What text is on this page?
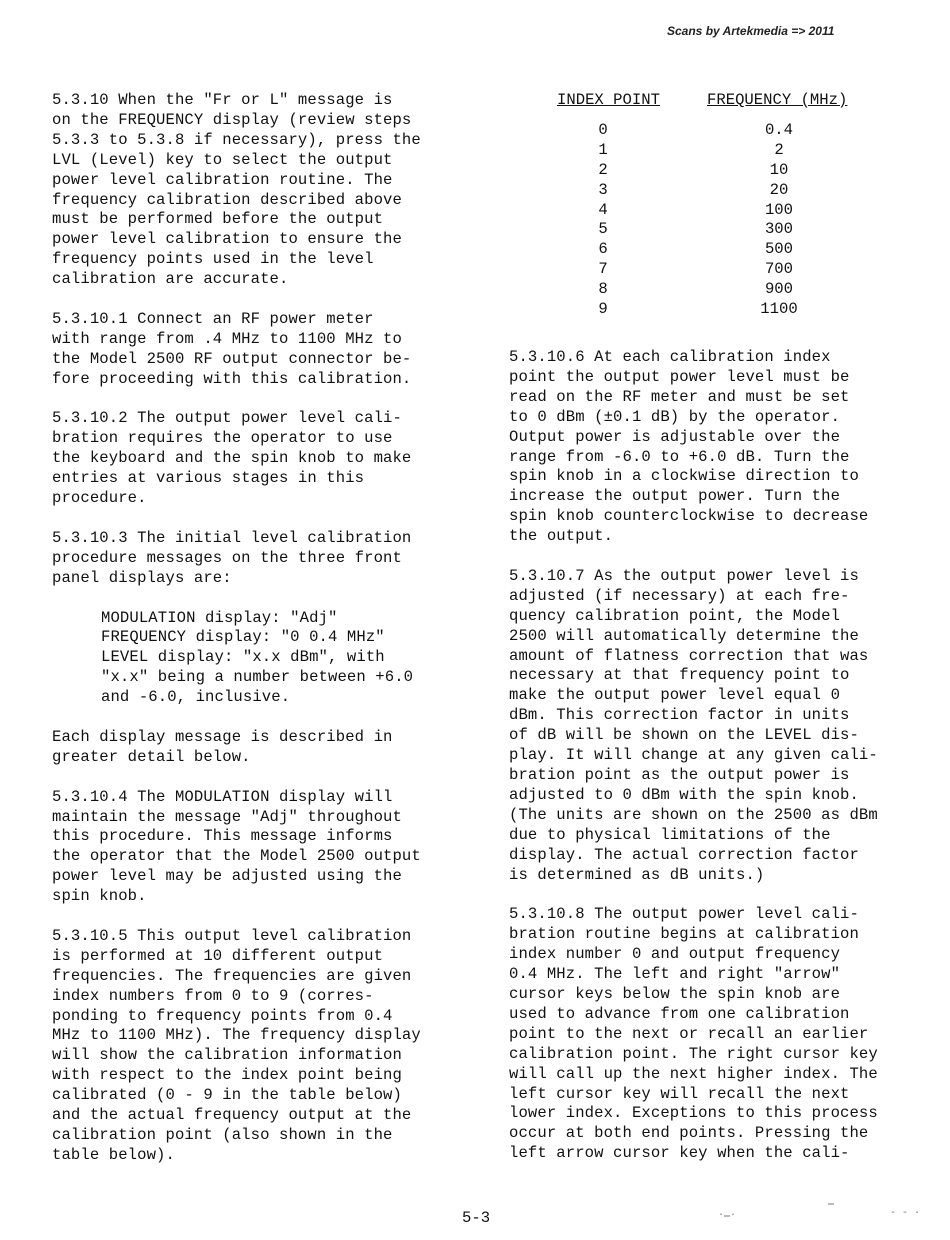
Scans by Artekmedia => 2011

5.3.10 When the "Fr or L" message is
on the FREQUENCY display (review steps
5.3.3 to 5.3.8 if necessary), press the
LVL (Level) key to select the output
power level calibration routine. The
frequency calibration described above
must be performed before the output
power level calibration to ensure the
frequency points used in the level
calibration are accurate.

5.3.10.1 Connect an RF power meter
with range from .4 MHz to 1100 MHz to
the Model 2500 RF output connector be-
fore proceeding with this calibration.

5.3.10.2 The output power level cali-
bration requires the operator to use
the keyboard and the spin knob to make
entries at various stages in this
procedure.

5.3.10.3 The initial level calibration
procedure messages on the three front
panel displays are:

MODULATION display: "Adj"
FREQUENCY display: "0 0.4 MHz"
LEVEL display: "x.x dBm", with
"x.x" being a number between +6.0
and -6.0, inclusive.

Each display message is described in
greater detail below.

5.3.10.4 The MODULATION display will
maintain the message "Adj" throughout
this procedure. This message informs
the operator that the Model 2500 output
power level may be adjusted using the
spin knob.

5.3.10.5 This output level calibration
is performed at 10 different output
frequencies. The frequencies are given
index numbers from 0 to 9 (corres-
ponding to frequency points from 0.4
MHz to 1100 MHz). The frequency display
will show the calibration information
with respect to the index point being
calibrated (0 - 9 in the table below)
and the actual frequency output at the
calibration point (also shown in the
table below).

INDEX POINT	FREQUENCY (MHz)
0	0.4
1	2
2	10
3	20
4	100
5	300
6	500
7	700
8	900
9	1100

5.3.10.6 At each calibration index
point the output power level must be
read on the RF meter and must be set
to 0 dBm (±0.1 dB) by the operator.
Output power is adjustable over the
range from -6.0 to +6.0 dB. Turn the
spin knob in a clockwise direction to
increase the output power. Turn the
spin knob counterclockwise to decrease
the output.

5.3.10.7 As the output power level is
adjusted (if necessary) at each fre-
quency calibration point, the Model
2500 will automatically determine the
amount of flatness correction that was
necessary at that frequency point to
make the output power level equal 0
dBm. This correction factor in units
of dB will be shown on the LEVEL dis-
play. It will change at any given cali-
bration point as the output power is
adjusted to 0 dBm with the spin knob.
(The units are shown on the 2500 as dBm
due to physical limitations of the
display. The actual correction factor
is determined as dB units.)

5.3.10.8 The output power level cali-
bration routine begins at calibration
index number 0 and output frequency
0.4 MHz. The left and right "arrow"
cursor keys below the spin knob are
used to advance from one calibration
point to the next or recall an earlier
calibration point. The right cursor key
will call up the next higher index. The
left cursor key will recall the next
lower index. Exceptions to this process
occur at both end points. Pressing the
left arrow cursor key when the cali-

5-3	.‗.
‗
- - ·
